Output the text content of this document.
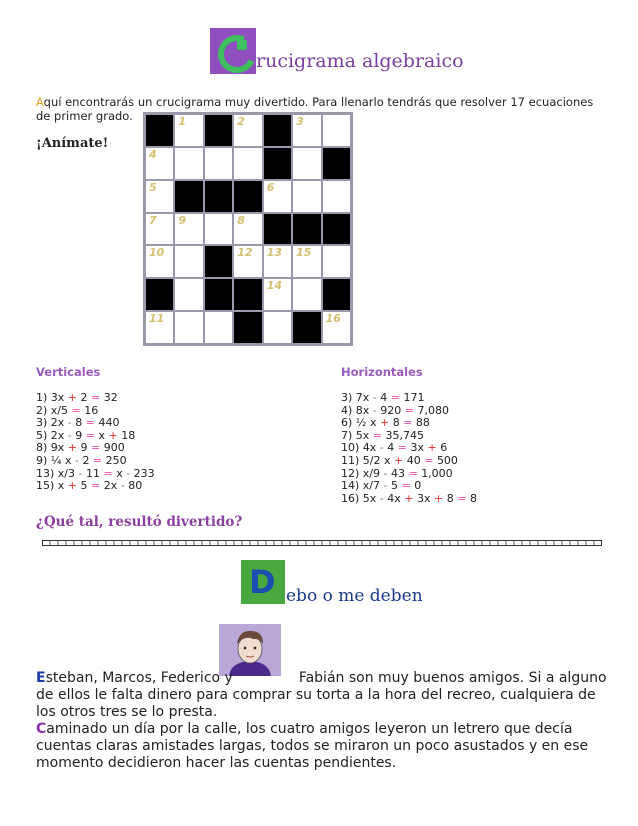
rucigrama algebraico
Aquí encontrarás un crucigrama muy divertido. Para llenarlo tendrás que resolver 17 ecuaciones de primer grado.
¡Anímate!
1	2	3
4
5	6
7 9	8
10	12 13 15
14
11	16
Verticales
1) 3x + 2 = 32
2) x/5 = 16
3) 2x - 8 = 440
5) 2x - 9 = x + 18
8) 9x + 9 = 900
9) ¼ x - 2 = 250
13) x/3 - 11 = x - 233
15) x + 5 = 2x - 80
Horizontales
3) 7x - 4 = 171
4) 8x - 920 = 7,080
6) ½ x + 8 = 88
7) 5x = 35,745
10) 4x - 4 = 3x + 6
11) 5/2 x + 40 = 500
12) x/9 - 43 = 1,000
14) x/7 - 5 = 0
16) 5x - 4x + 3x + 8 = 8
¿Qué tal, resultó divertido?
D ebo o me deben
Esteban, Marcos, Federico y	Fabián son muy buenos amigos. Si a alguno de ellos le falta dinero para comprar su torta a la hora del recreo, cualquiera de los otros tres se lo presta.
Caminado un día por la calle, los cuatro amigos leyeron un letrero que decía cuentas claras amistades largas, todos se miraron un poco asustados y en ese momento decidieron hacer las cuentas pendientes.
